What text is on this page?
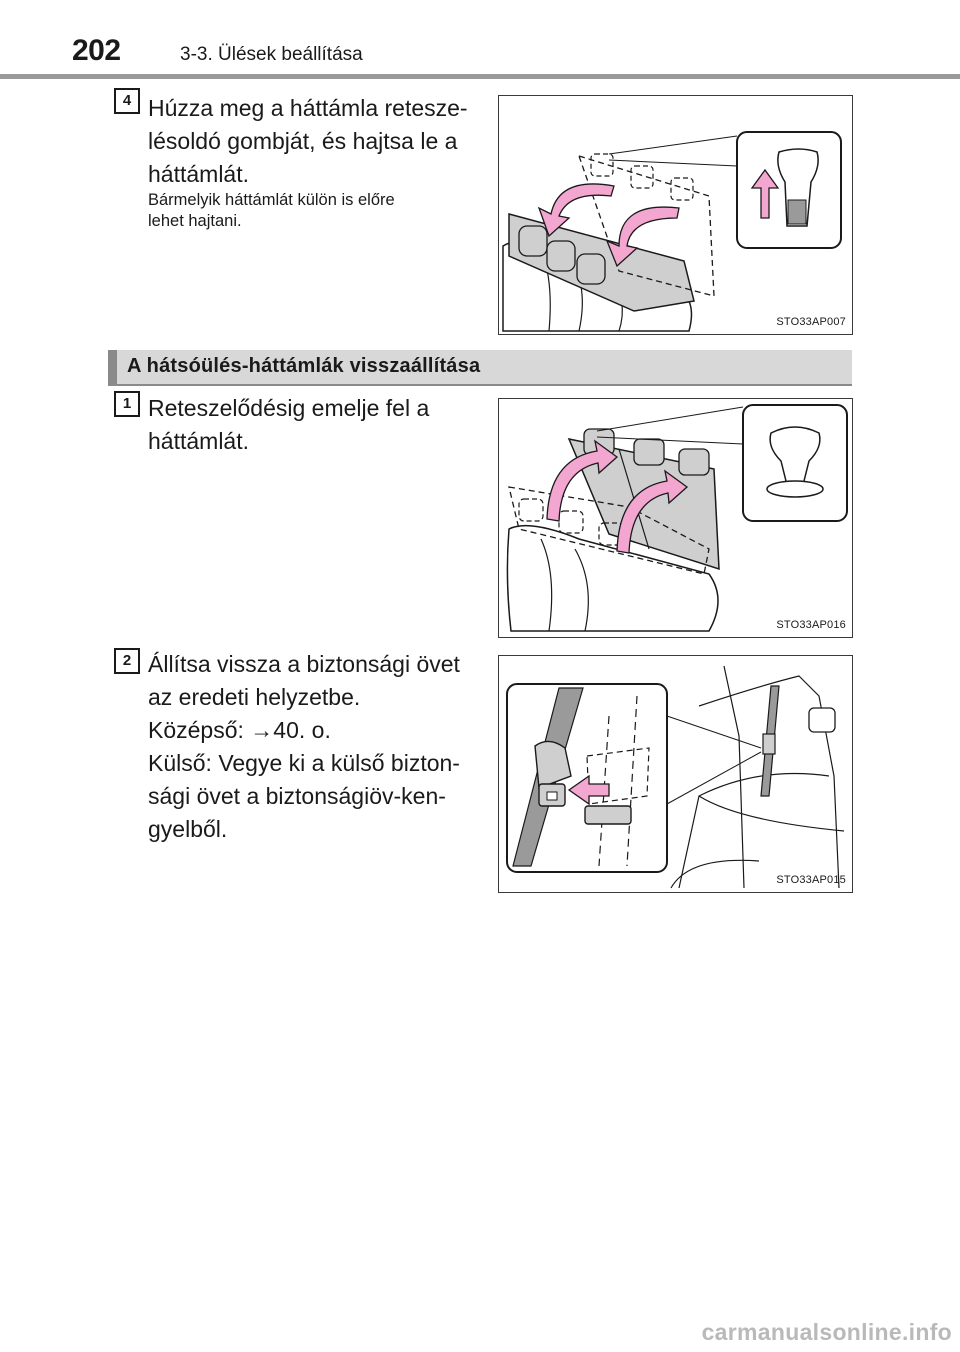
202	3-3. Ülések beállítása
4 Húzza meg a háttámla retesze-
lésoldó gombját, és hajtsa le a
háttámlát.
Bármelyik háttámlát külön is előre
lehet hajtani.
STO33AP007
A hátsóülés-háttámlák visszaállítása
1 Reteszelődésig emelje fel a
háttámlát.
STO33AP016
2 Állítsa vissza a biztonsági övet
az eredeti helyzetbe.
Középső: →40. o.
Külső: Vegye ki a külső bizton-
sági övet a biztonságiöv-ken-
gyelből.
STO33AP015
carmanualsonline.info
